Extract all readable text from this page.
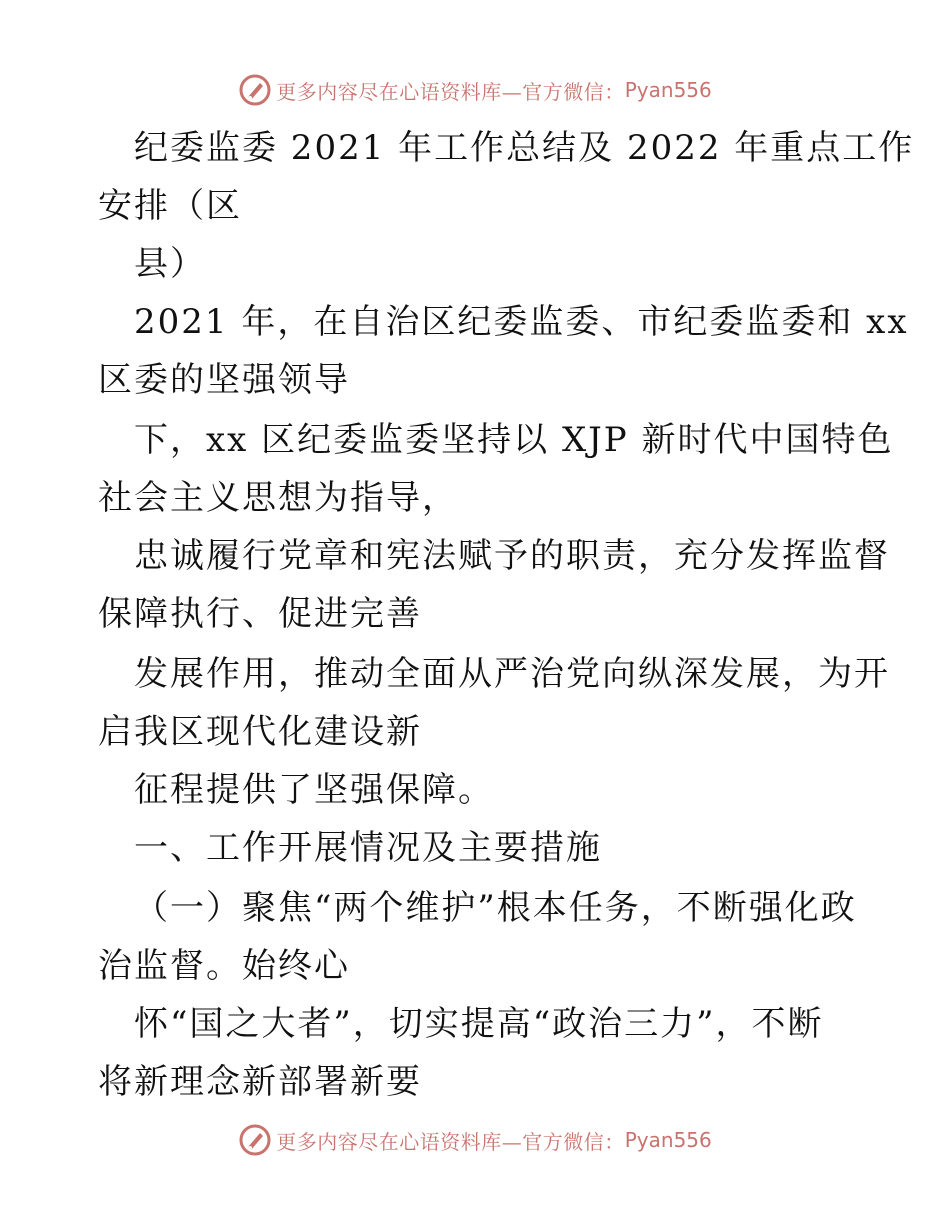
更多内容尽在心语资料库—官方微信： Pyan556
纪委监委 2021 年工作总结及 2022 年重点工作
安排（区
县）
2021 年，在自治区纪委监委、市纪委监委和 xx
区委的坚强领导
下，xx 区纪委监委坚持以 XJP 新时代中国特色
社会主义思想为指导，
忠诚履行党章和宪法赋予的职责，充分发挥监督
保障执行、促进完善
发展作用，推动全面从严治党向纵深发展，为开
启我区现代化建设新
征程提供了坚强保障。
一、工作开展情况及主要措施
（一）聚焦“两个维护”根本任务，不断强化政
治监督。始终心
怀“国之大者”，切实提高“政治三力”，不断
将新理念新部署新要
更多内容尽在心语资料库—官方微信： Pyan556
